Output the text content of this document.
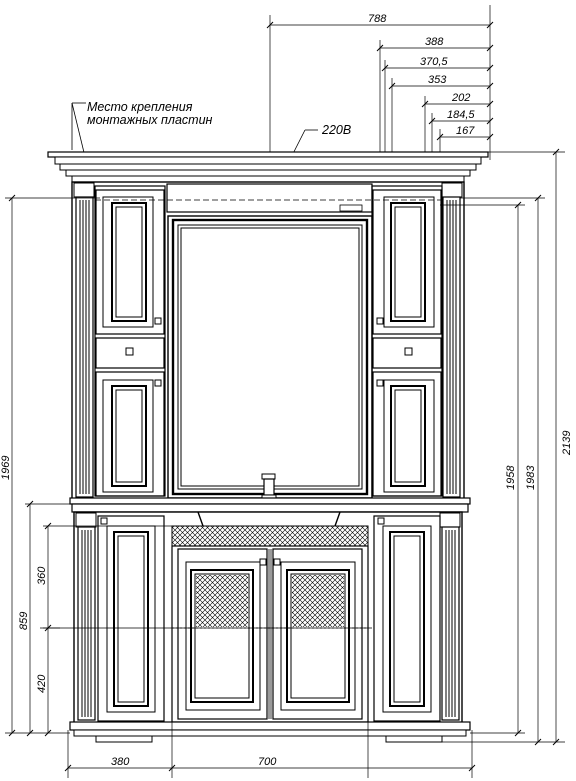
788
388
370,5
353
202
184,5
167
Место крепления
монтажных пластин
220В
1969
859
360
420
1958 1983
2139
380	700
